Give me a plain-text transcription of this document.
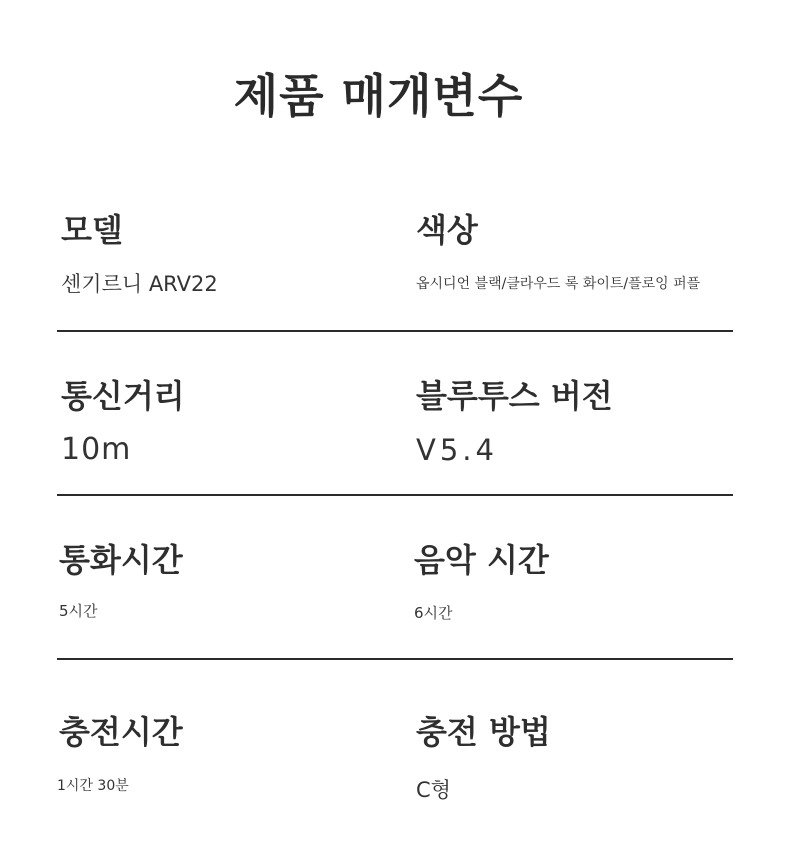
제품 매개변수
모델
센기르니 ARV22
색상
옵시디언 블랙/클라우드 록 화이트/플로잉 퍼플
통신거리
10m
블루투스 버전
V5.4
통화시간
5시간
음악 시간
6시간
충전시간
1시간 30분
충전 방법
C형
